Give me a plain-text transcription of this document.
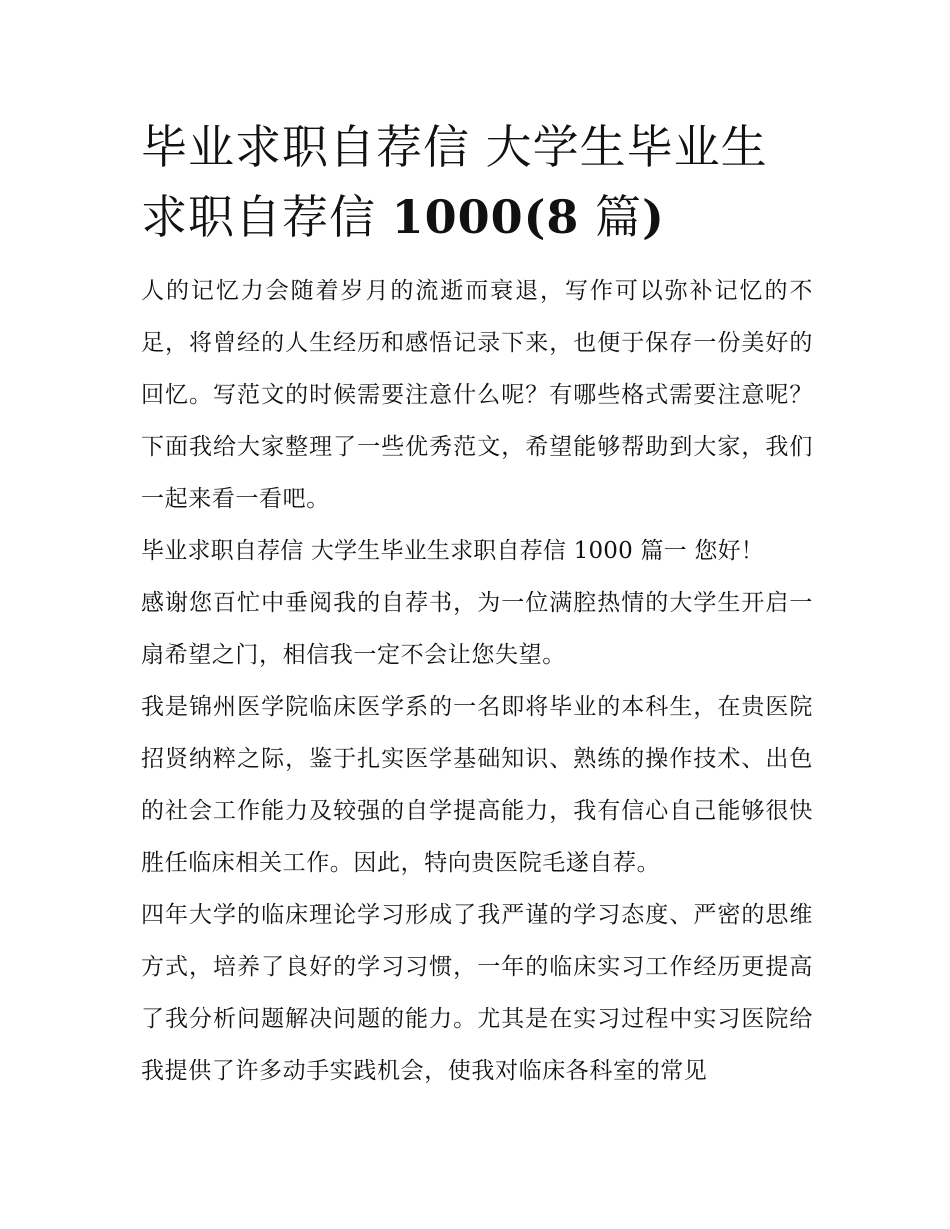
毕业求职自荐信 大学生毕业生
求职自荐信 1000(8 篇)

人的记忆力会随着岁月的流逝而衰退，写作可以弥补记忆的不足，将曾经的人生经历和感悟记录下来，也便于保存一份美好的回忆。写范文的时候需要注意什么呢？有哪些格式需要注意呢？下面我给大家整理了一些优秀范文，希望能够帮助到大家，我们一起来看一看吧。

毕业求职自荐信 大学生毕业生求职自荐信 1000 篇一 您好！

感谢您百忙中垂阅我的自荐书，为一位满腔热情的大学生开启一扇希望之门，相信我一定不会让您失望。

我是锦州医学院临床医学系的一名即将毕业的本科生，在贵医院招贤纳粹之际，鉴于扎实医学基础知识、熟练的操作技术、出色的社会工作能力及较强的自学提高能力，我有信心自己能够很快胜任临床相关工作。因此，特向贵医院毛遂自荐。

四年大学的临床理论学习形成了我严谨的学习态度、严密的思维方式，培养了良好的学习习惯，一年的临床实习工作经历更提高了我分析问题解决问题的能力。尤其是在实习过程中实习医院给我提供了许多动手实践机会，使我对临床各科室的常见
